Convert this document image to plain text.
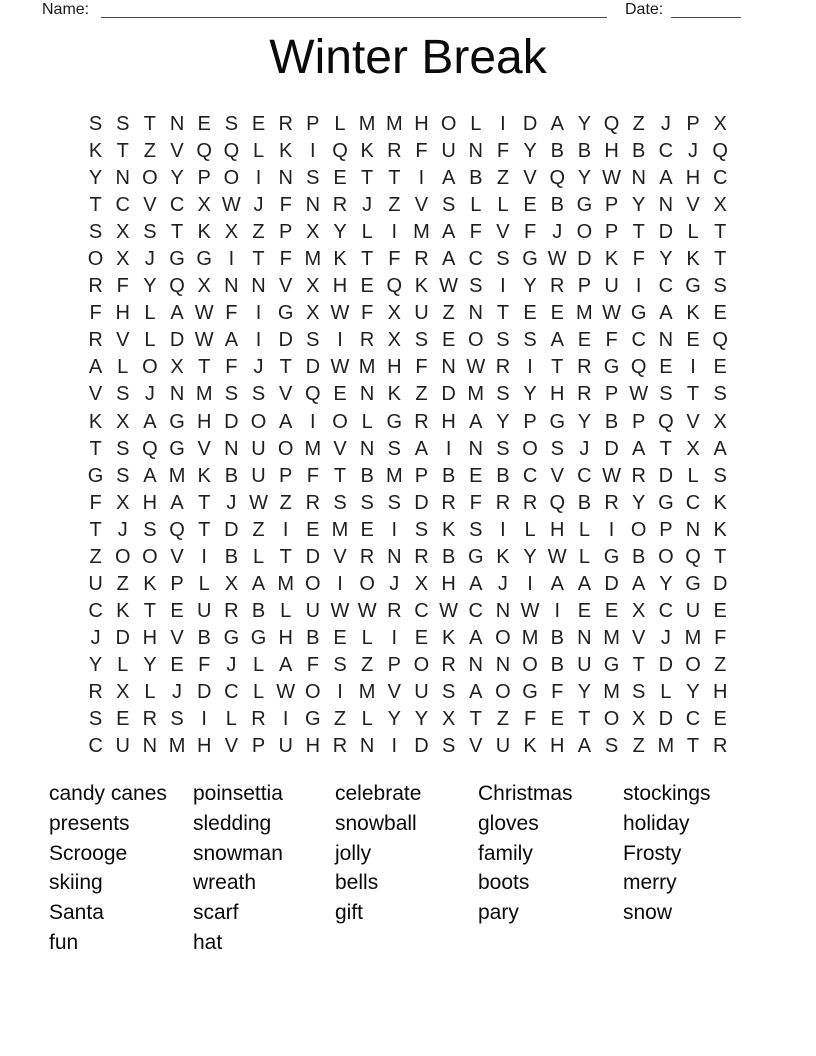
Name:	Date:
Winter Break
S S T N E S E R P L M M H O L I D A Y Q Z J P X
K T Z V Q Q L K I Q K R F U N F Y B B H B C J Q
Y N O Y P O I N S E T T I A B Z V Q Y W N A H C
T C V C X W J F N R J Z V S L L E B G P Y N V X
S X S T K X Z P X Y L I M A F V F J O P T D L T
O X J G G I T F M K T F R A C S G W D K F Y K T
R F Y Q X N N V X H E Q K W S I Y R P U I C G S
F H L A W F I G X W F X U Z N T E E M W G A K E
R V L D W A I D S I R X S E O S S A E F C N E Q
A L O X T F J T D W M H F N W R I T R G Q E I E
V S J N M S S V Q E N K Z D M S Y H R P W S T S
K X A G H D O A I O L G R H A Y P G Y B P Q V X
T S Q G V N U O M V N S A I N S O S J D A T X A
G S A M K B U P F T B M P B E B C V C W R D L S
F X H A T J W Z R S S S D R F R R Q B R Y G C K
T J S Q T D Z I E M E I S K S I L H L I O P N K
Z O O V I B L T D V R N R B G K Y W L G B O Q T
U Z K P L X A M O I O J X H A J I A A D A Y G D
C K T E U R B L U W W R C W C N W I E E X C U E
J D H V B G G H B E L I E K A O M B N M V J M F
Y L Y E F J L A F S Z P O R N N O B U G T D O Z
R X L J D C L W O I M V U S A O G F Y M S L Y H
S E R S I L R I G Z L Y Y X T Z F E T O X D C E
C U N M H V P U H R N I D S V U K H A S Z M T R
candy canes
presents
Scrooge
skiing
Santa
fun
poinsettia
sledding
snowman
wreath
scarf
hat
celebrate
snowball
jolly
bells
gift
Christmas
gloves
family
boots
pary
stockings
holiday
Frosty
merry
snow
